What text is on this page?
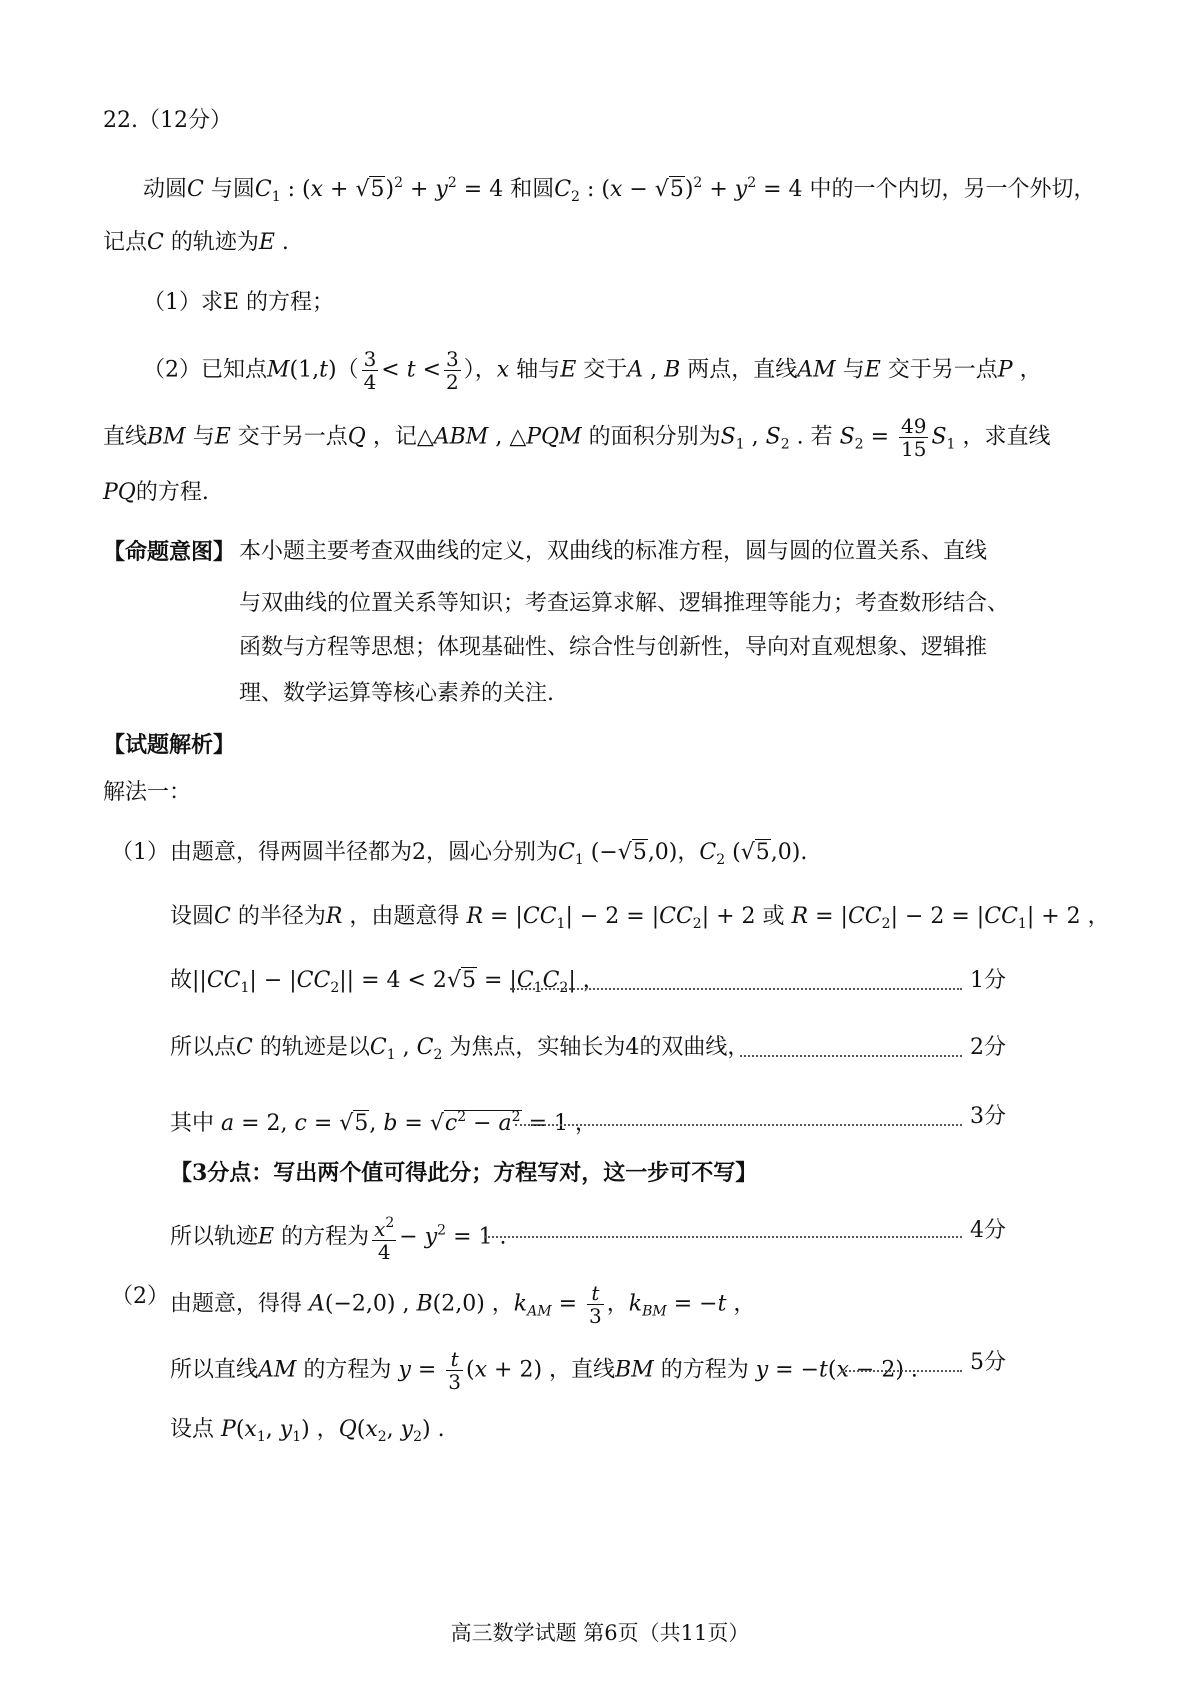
22.（12分）
动圆C 与圆$C_1$ : $(x + √5)^2 + y^2 = 4$ 和圆$C_2$ : $(x - √5)^2 + y^2 = 4$ 中的一个内切，另一个外切，
记点C 的轨迹为E .
（1）求E 的方程；
（2）已知点$M(1,t)( \frac{3}{4} < t < \frac{3}{2}$ ），x 轴与E 交于A , B 两点，直线AM 与E 交于另一点P ，
直线BM 与E 交于另一点Q ，记△ABM , △PQM 的面积分别为$S_1$ , $S_2$ . 若 $S_2 = \frac{49}{15} S_1$ ，求直线
PQ的方程.
【命题意图】 本小题主要考查双曲线的定义，双曲线的标准方程，圆与圆的位置关系、直线
与双曲线的位置关系等知识；考查运算求解、逻辑推理等能力；考查数形结合、
函数与方程等思想；体现基础性、综合性与创新性，导向对直观想象、逻辑推
理、数学运算等核心素养的关注.
【试题解析】
解法一：
（1） 由题意，得两圆半径都为2，圆心分别为$C_1$ (−√5,0)，$C_2$ (√5,0).
设圆C 的半径为R ，由题意得 $R = |CC_1| - 2 = |CC_2| + 2$ 或 $R = |CC_2| - 2 = |CC_1| + 2$ ，
故$||CC_1| - |CC_2|| = 4 < 2√5 = |C_1C_2|$ ，	1分
所以点C 的轨迹是以$C_1$ , $C_2$ 为焦点，实轴长为4的双曲线，	2分
其中 a = 2, c = √5, $b = √c^2 - a^2 = 1$ ，	3分
【3分点：写出两个值可得此分；方程写对，这一步可不写】
所以轨迹E 的方程为 $\frac{x^2}{4} - y^2 = 1$ .	4分
（2） 由题意，得得 A(−2,0) , B(2,0) ，$k_{AM} = \frac{t}{3}$ ，$k_{BM} = -t$ ，
所以直线AM 的方程为 $y = \frac{t}{3} (x + 2)$ ，直线BM 的方程为 y = −t(x − 2) . 5分
设点 $P(x_1$, $y_1$) ，$Q(x_2$, $y_2$) .
高三数学试题 第6页（共11页）
